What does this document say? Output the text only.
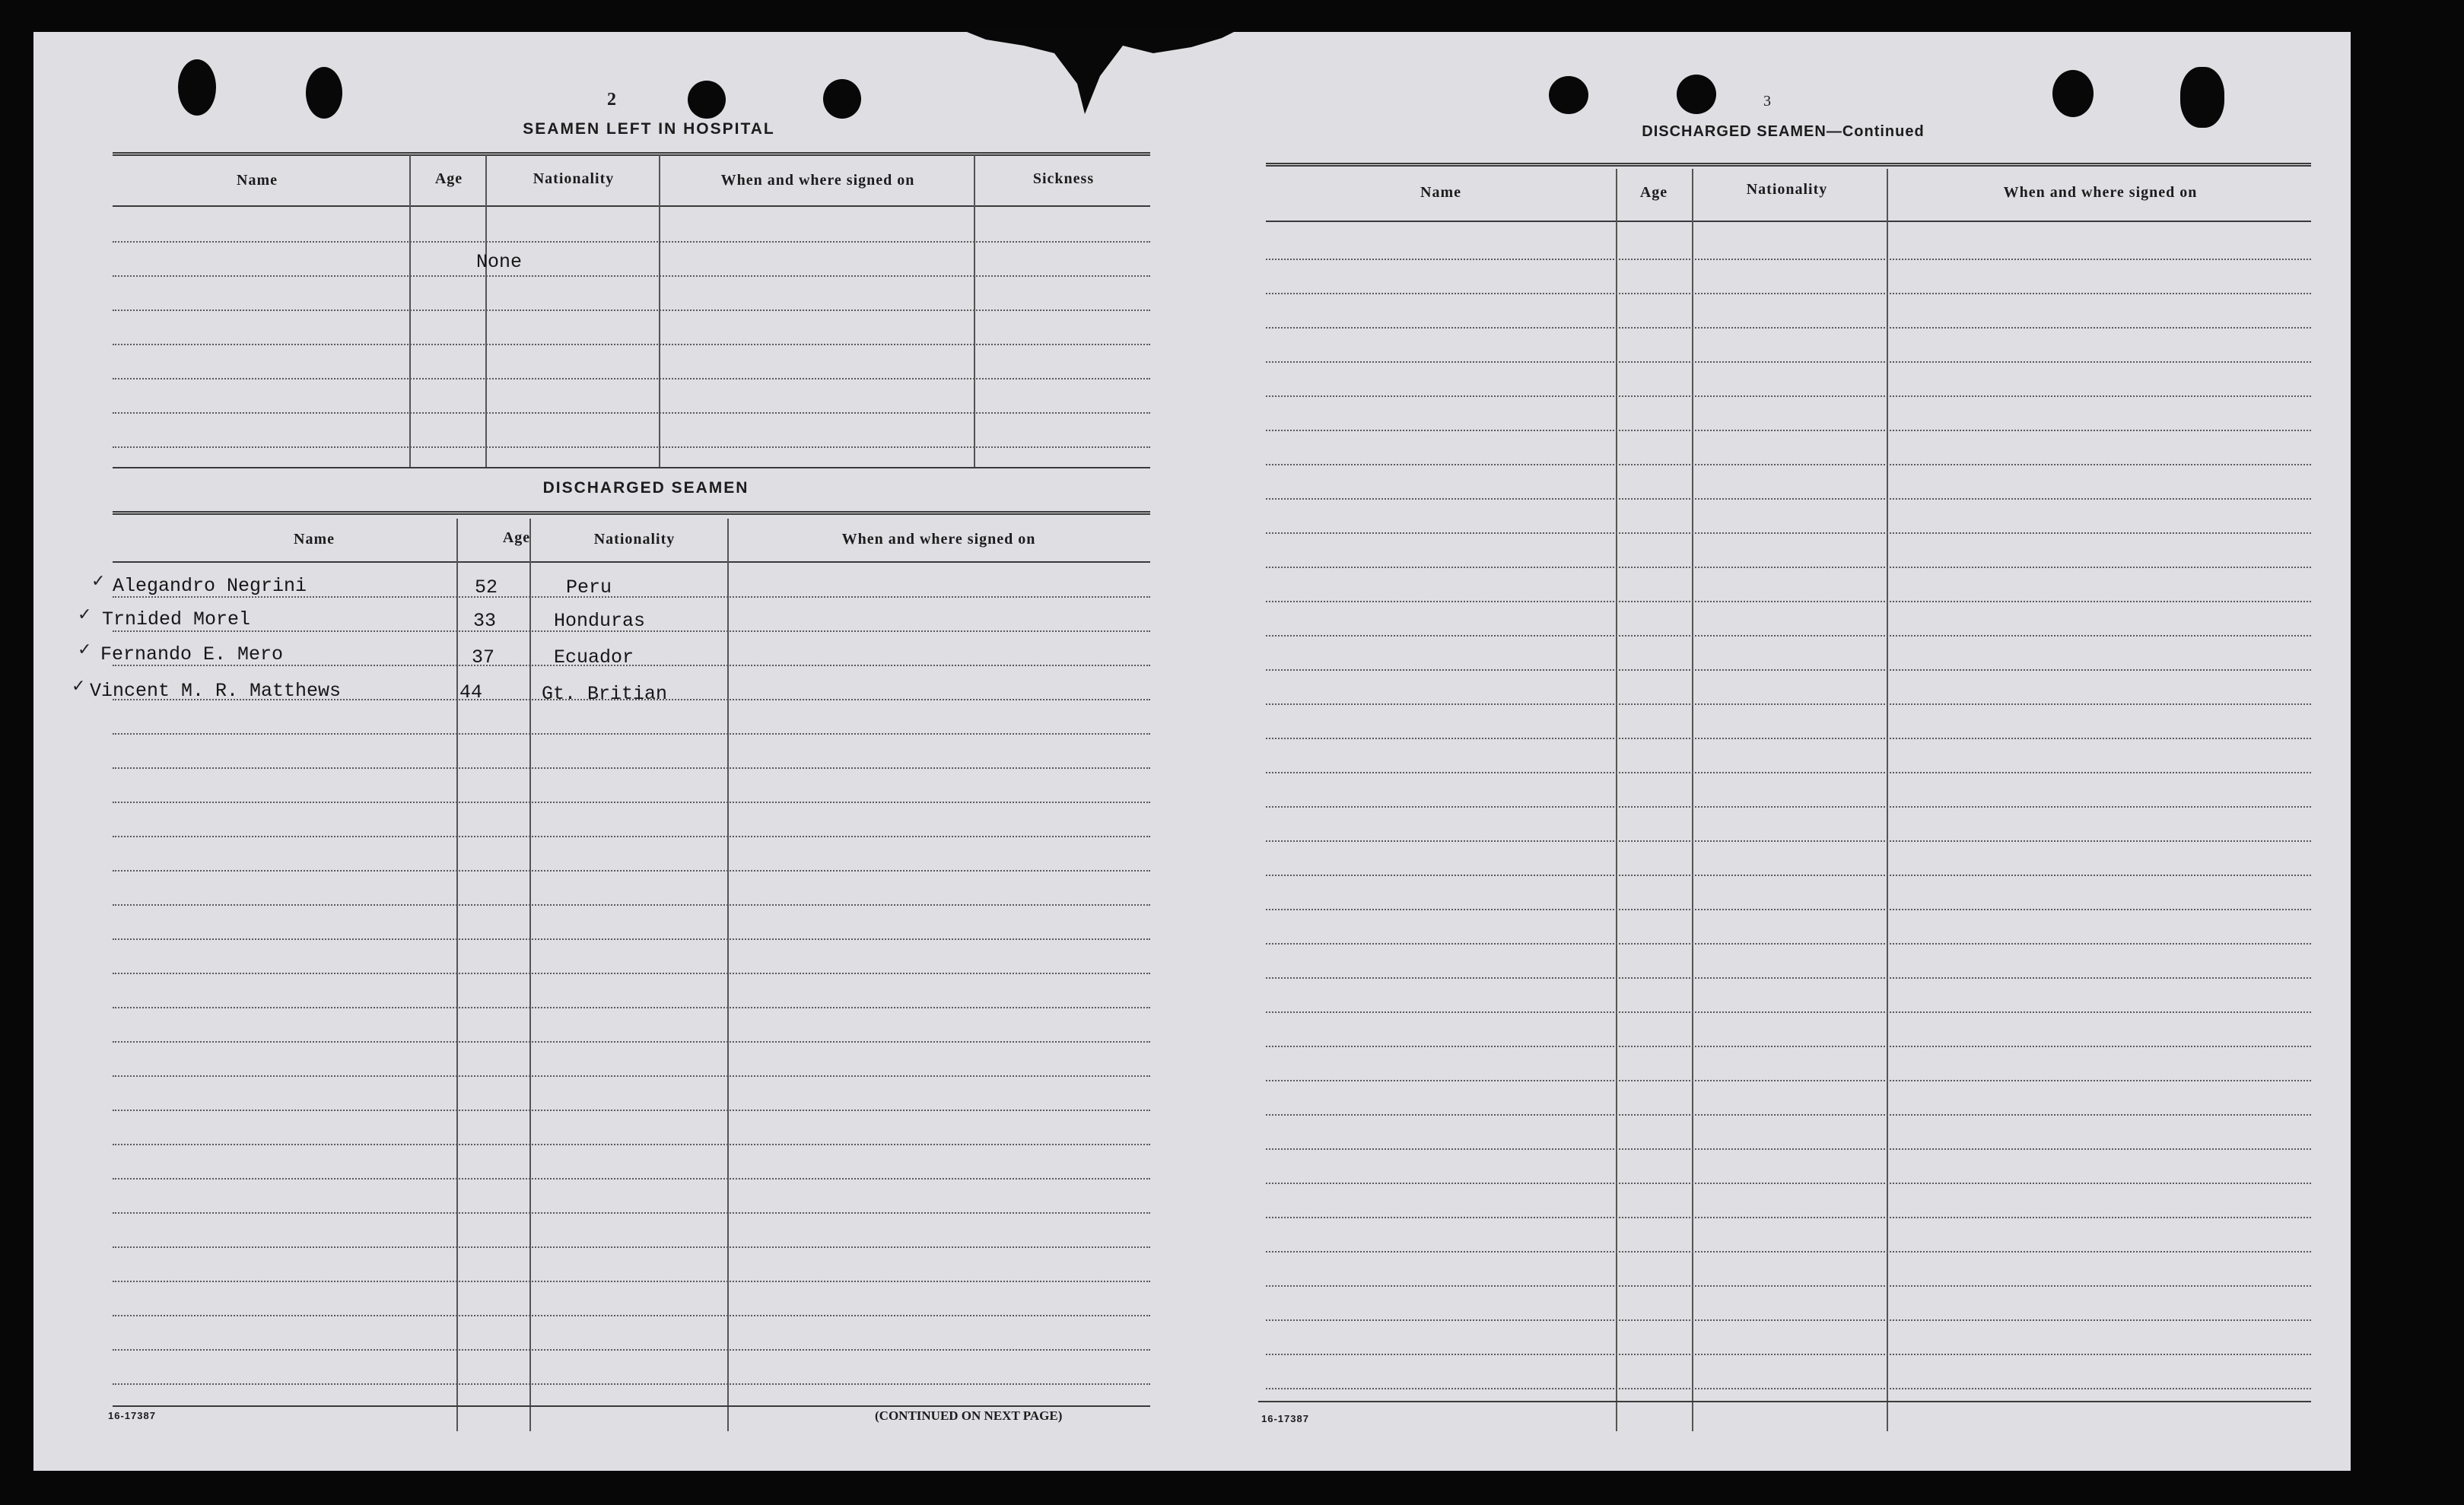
2
SEAMEN LEFT IN HOSPITAL
Name	Age	Nationality	When and where signed on	Sickness
None
DISCHARGED SEAMEN
Name	Age	Nationality	When and where signed on
✓ Alegandro Negrini	52	Peru
✓ Trnided Morel	33	Honduras
✓ Fernando E. Mero	37	Ecuador
✓ Vincent M. R. Matthews	44	Gt. Britian
16-17387	(CONTINUED ON NEXT PAGE)
3
DISCHARGED SEAMEN—Continued
Name	Age	Nationality	When and where signed on
16-17387
